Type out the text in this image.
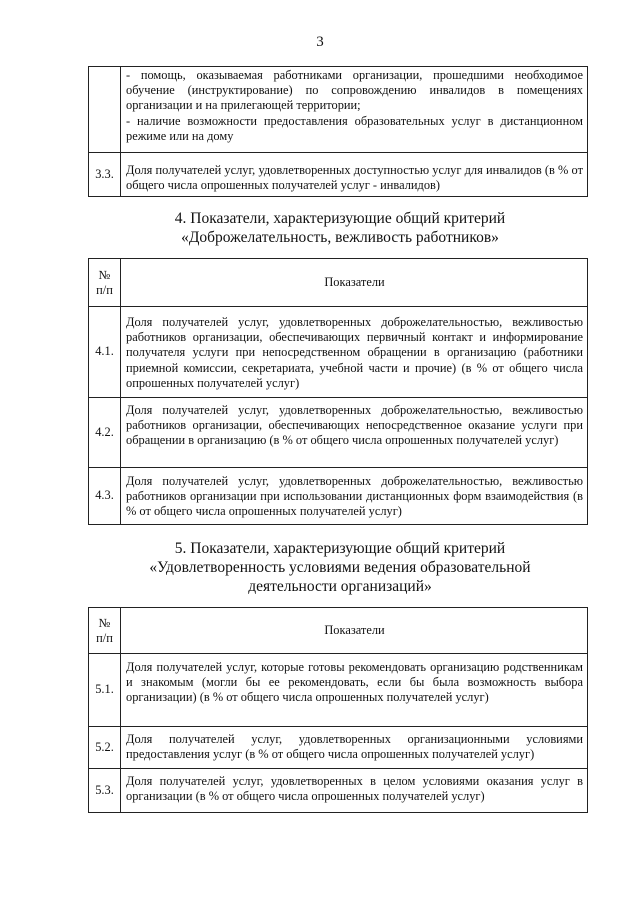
3

	- помощь, оказываемая работниками организации, прошедшими необходимое обучение (инструктирование) по сопровождению инвалидов в помещениях организации и на прилегающей территории;
- наличие возможности предоставления образовательных услуг в дистанционном режиме или на дому

3.3.	Доля получателей услуг, удовлетворенных доступностью услуг для инвалидов (в % от общего числа опрошенных получателей услуг - инвалидов)
4. Показатели, характеризующие общий критерий
«Доброжелательность, вежливость работников»
№
п/п	Показатели
4.1.	Доля получателей услуг, удовлетворенных доброжелательностью, вежливостью работников организации, обеспечивающих первичный контакт и информирование получателя услуги при непосредственном обращении в организацию (работники приемной комиссии, секретариата, учебной части и прочие) (в % от общего числа опрошенных получателей услуг)
4.2.	Доля получателей услуг, удовлетворенных доброжелательностью, вежливостью работников организации, обеспечивающих непосредственное оказание услуги при обращении в организацию (в % от общего числа опрошенных получателей услуг)
4.3.	Доля получателей услуг, удовлетворенных доброжелательностью, вежливостью работников организации при использовании дистанционных форм взаимодействия (в % от общего числа опрошенных получателей услуг)
5. Показатели, характеризующие общий критерий
«Удовлетворенность условиями ведения образовательной
деятельности организаций»
№
п/п	Показатели
5.1.	Доля получателей услуг, которые готовы рекомендовать организацию родственникам и знакомым (могли бы ее рекомендовать, если бы была возможность выбора организации) (в % от общего числа опрошенных получателей услуг)
5.2.	Доля получателей услуг, удовлетворенных организационными условиями предоставления услуг (в % от общего числа опрошенных получателей услуг)
5.3.	Доля получателей услуг, удовлетворенных в целом условиями оказания услуг в организации (в % от общего числа опрошенных получателей услуг)
